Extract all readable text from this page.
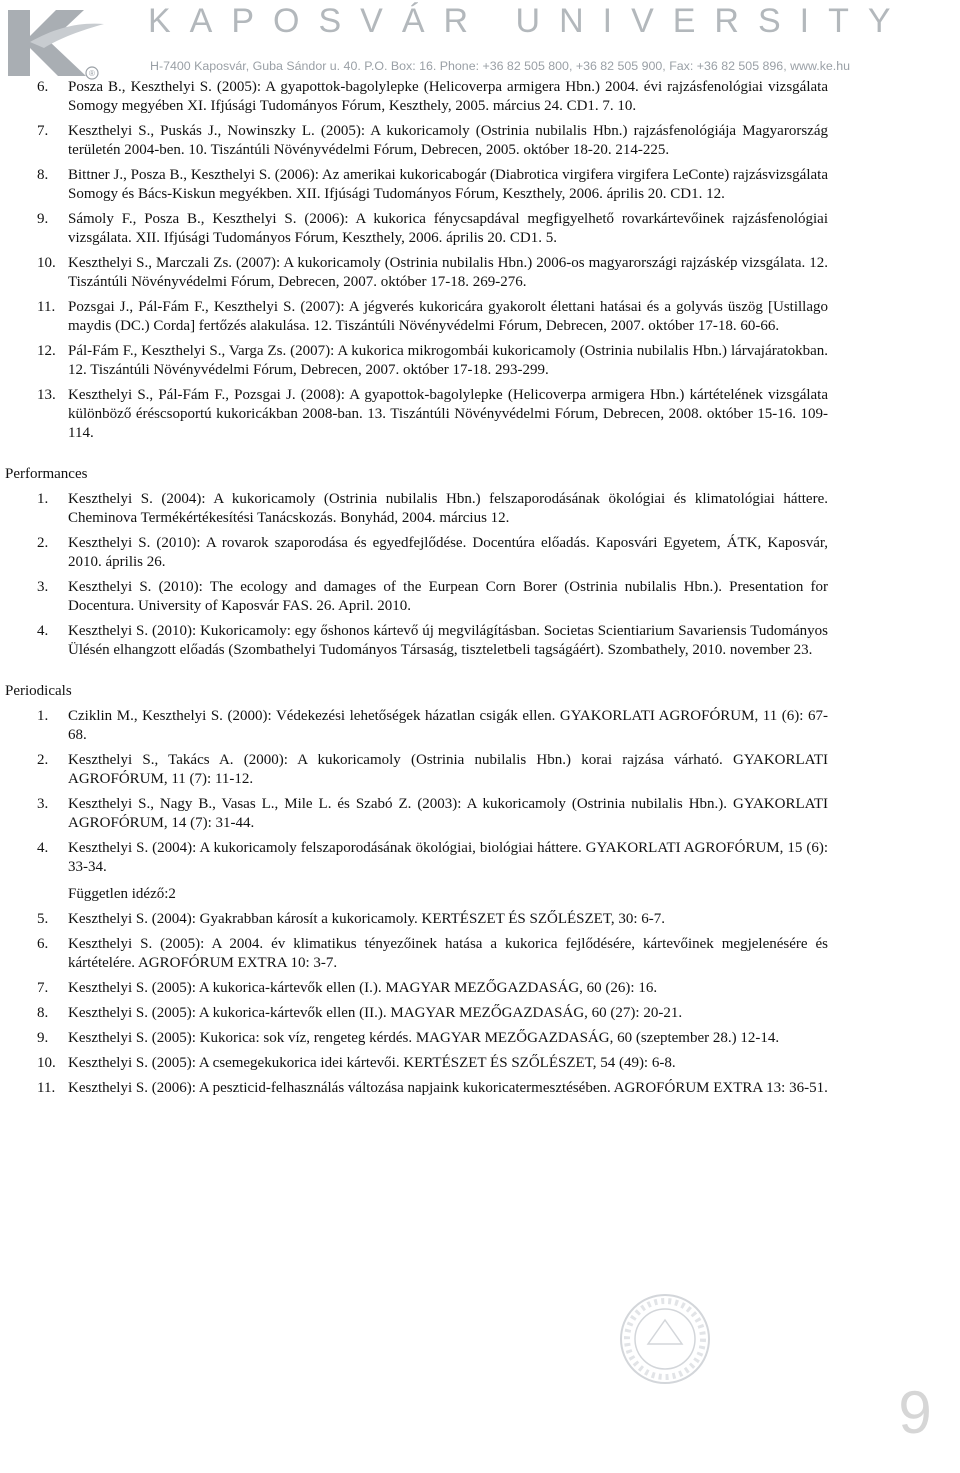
®
KAPOSVÁR UNIVERSITY
H-7400 Kaposvár, Guba Sándor u. 40. P.O. Box: 16. Phone: +36 82 505 800, +36 82 505 900, Fax: +36 82 505 896, www.ke.hu
6. Posza B., Keszthelyi S. (2005): A gyapottok-bagolylepke (Helicoverpa armigera Hbn.) 2004. évi rajzásfenológiai vizsgálata Somogy megyében XI. Ifjúsági Tudományos Fórum, Keszthely, 2005. március 24. CD1. 7. 10.
7. Keszthelyi S., Puskás J., Nowinszky L. (2005): A kukoricamoly (Ostrinia nubilalis Hbn.) rajzásfenológiája Magyarország területén 2004-ben. 10. Tiszántúli Növényvédelmi Fórum, Debrecen, 2005. október 18-20. 214-225.
8. Bittner J., Posza B., Keszthelyi S. (2006): Az amerikai kukoricabogár (Diabrotica virgifera virgifera LeConte) rajzásvizsgálata Somogy és Bács-Kiskun megyékben. XII. Ifjúsági Tudományos Fórum, Keszthely, 2006. április 20. CD1. 12.
9. Sámoly F., Posza B., Keszthelyi S. (2006): A kukorica fénycsapdával megfigyelhető rovarkártevőinek rajzásfenológiai vizsgálata. XII. Ifjúsági Tudományos Fórum, Keszthely, 2006. április 20. CD1. 5.
10. Keszthelyi S., Marczali Zs. (2007): A kukoricamoly (Ostrinia nubilalis Hbn.) 2006-os magyarországi rajzáskép vizsgálata. 12. Tiszántúli Növényvédelmi Fórum, Debrecen, 2007. október 17-18. 269-276.
11. Pozsgai J., Pál-Fám F., Keszthelyi S. (2007): A jégverés kukoricára gyakorolt élettani hatásai és a golyvás üszög [Ustillago maydis (DC.) Corda] fertőzés alakulása. 12. Tiszántúli Növényvédelmi Fórum, Debrecen, 2007. október 17-18. 60-66.
12. Pál-Fám F., Keszthelyi S., Varga Zs. (2007): A kukorica mikrogombái kukoricamoly (Ostrinia nubilalis Hbn.) lárvajáratokban. 12. Tiszántúli Növényvédelmi Fórum, Debrecen, 2007. október 17-18. 293-299.
13. Keszthelyi S., Pál-Fám F., Pozsgai J. (2008): A gyapottok-bagolylepke (Helicoverpa armigera Hbn.) kártételének vizsgálata különböző éréscsoportú kukoricákban 2008-ban. 13. Tiszántúli Növényvédelmi Fórum, Debrecen, 2008. október 15-16. 109-114.
Performances
1. Keszthelyi S. (2004): A kukoricamoly (Ostrinia nubilalis Hbn.) felszaporodásának ökológiai és klimatológiai háttere. Cheminova Termékértékesítési Tanácskozás. Bonyhád, 2004. március 12.
2. Keszthelyi S. (2010): A rovarok szaporodása és egyedfejlődése. Docentúra előadás. Kaposvári Egyetem, ÁTK, Kaposvár, 2010. április 26.
3. Keszthelyi S. (2010): The ecology and damages of the Eurpean Corn Borer (Ostrinia nubilalis Hbn.). Presentation for Docentura. University of Kaposvár FAS. 26. April. 2010.
4. Keszthelyi S. (2010): Kukoricamoly: egy őshonos kártevő új megvilágításban. Societas Scientiarium Savariensis Tudományos Ülésén elhangzott előadás (Szombathelyi Tudományos Társaság, tiszteletbeli tagságáért). Szombathely, 2010. november 23.
Periodicals
1. Cziklin M., Keszthelyi S. (2000): Védekezési lehetőségek házatlan csigák ellen. GYAKORLATI AGROFÓRUM, 11 (6): 67-68.
2. Keszthelyi S., Takács A. (2000): A kukoricamoly (Ostrinia nubilalis Hbn.) korai rajzása várható. GYAKORLATI AGROFÓRUM, 11 (7): 11-12.
3. Keszthelyi S., Nagy B., Vasas L., Mile L. és Szabó Z. (2003): A kukoricamoly (Ostrinia nubilalis Hbn.). GYAKORLATI AGROFÓRUM, 14 (7): 31-44.
4. Keszthelyi S. (2004): A kukoricamoly felszaporodásának ökológiai, biológiai háttere. GYAKORLATI AGROFÓRUM, 15 (6): 33-34.
Független idéző:2
5. Keszthelyi S. (2004): Gyakrabban károsít a kukoricamoly. KERTÉSZET ÉS SZŐLÉSZET, 30: 6-7.
6. Keszthelyi S. (2005): A 2004. év klimatikus tényezőinek hatása a kukorica fejlődésére, kártevőinek megjelenésére és kártételére. AGROFÓRUM EXTRA 10: 3-7.
7. Keszthelyi S. (2005): A kukorica-kártevők ellen (I.). MAGYAR MEZŐGAZDASÁG, 60 (26): 16.
8. Keszthelyi S. (2005): A kukorica-kártevők ellen (II.). MAGYAR MEZŐGAZDASÁG, 60 (27): 20-21.
9. Keszthelyi S. (2005): Kukorica: sok víz, rengeteg kérdés. MAGYAR MEZŐGAZDASÁG, 60 (szeptember 28.) 12-14.
10. Keszthelyi S. (2005): A csemegekukorica idei kártevői. KERTÉSZET ÉS SZŐLÉSZET, 54 (49): 6-8.
11. Keszthelyi S. (2006): A peszticid-felhasználás változása napjaink kukoricatermesztésében. AGROFÓRUM EXTRA 13: 36-51.
9
